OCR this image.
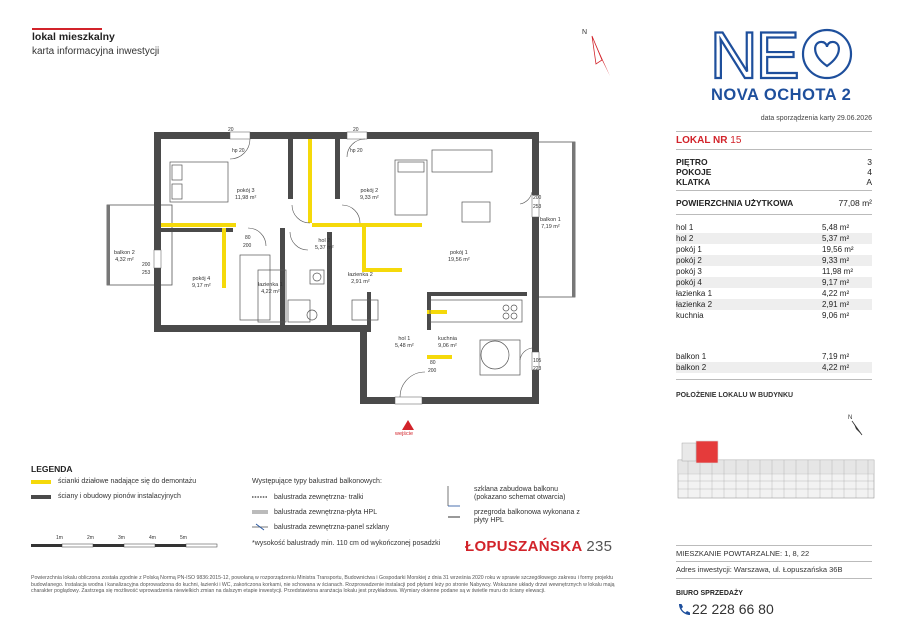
lokal mieszkalny
karta informacyjna inwestycji
N NE
NOVA OCHOTA 2
data sporządzenia karty 29.06.2026
LOKAL NR 15
PIĘTRO	3
POKOJE	4
KLATKA	A
POWIERZCHNIA UŻYTKOWA	77,08 m²
hol 1	5,48 m²
hol 2	5,37 m²
pokój 1	19,56 m²
pokój 2	9,33 m²
pokój 3	11,98 m²
pokój 4	9,17 m²
łazienka 1	4,22 m²
łazienka 2	2,91 m²
kuchnia	9,06 m²
balkon 1	7,19 m²
balkon 2	4,22 m²
POŁOŻENIE LOKALU W BUDYNKU
N
MIESZKANIE POWTARZALNE: 1, 8, 22
Adres inwestycji: Warszawa, ul. Łopuszańska 36B
BIURO SPRZEDAŻY
22 228 66 80
pokój 3
11,98 m²
pokój 2
9,33 m²
pokój 1
19,56 m²
pokój 4
9,17 m²
hol 2
5,37 m²
łazienka 2
2,91 m²
łazienka 1
4,22 m²
hol 1
5,48 m²
kuchnia
9,06 m²
balkon 1
7,19 m²
balkon 2
4,32 m²
wejście
20
hp 20
20
hp 20
200
253
200
253
105
223
80
200
80
200
LEGENDA
ścianki działowe nadające się do demontażu
ściany i obudowy pionów instalacyjnych
Występujące typy balustrad balkonowych:
balustrada zewnętrzna- tralki
balustrada zewnętrzna-płyta HPL
balustrada zewnętrzna-panel szklany
*wysokość balustrady min. 110 cm od wykończonej posadzki
szklana zabudowa balkonu (pokazano schemat otwarcia)
przegroda balkonowa wykonana z płyty HPL
1m	2m	3m	4m	5m	ŁOPUSZAŃSKA 235
Powierzchnia lokalu obliczona została zgodnie z Polską Normą PN-ISO 9836:2015-12, powołaną w rozporządzeniu Ministra Transportu, Budownictwa i Gospodarki Morskiej z dnia 31 września 2020 roku w sprawie szczegółowego zakresu i formy projektu budowlanego. Instalacja wodna i kanalizacyjna doprowadzona do kuchni, łazienki i WC, zakończona korkami, nie schowana w ścianach. Rozprowadzenie instalacji pod płytami leży po stronie Nabywcy. Wskazane układy drzwi wewnętrznych w lokalu mają charakter poglądowy. Zastrzega się możliwość wprowadzenia niewielkich zmian na dalszym etapie inwestycji. Przedstawiona aranżacja lokalu jest przykładowa. Wymiary okienne podane są w świetle muru do ściany elewacji.
